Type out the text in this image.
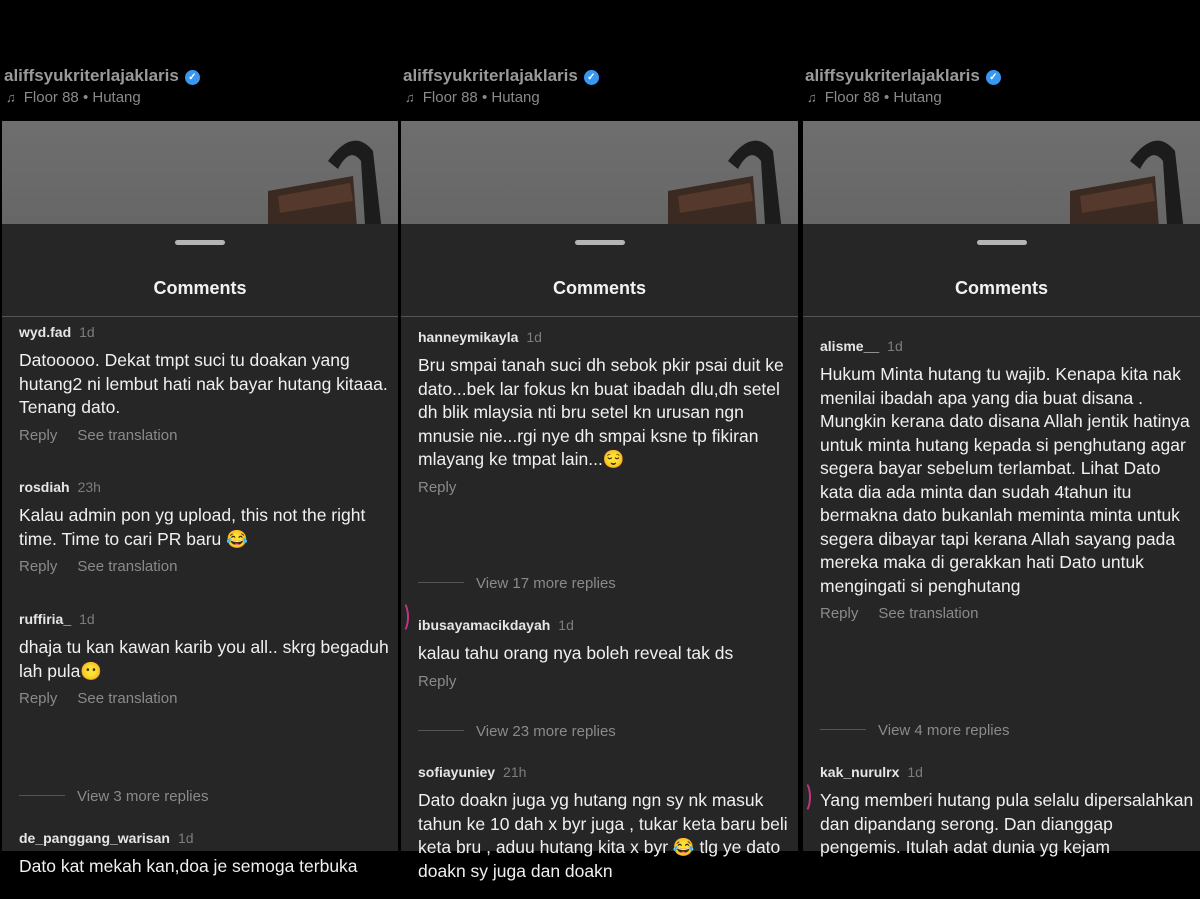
aliffsyukriterlajaklaris ✓
♫ Floor 88 • Hutang
Comments
wyd.fad 1d
Datooooo. Dekat tmpt suci tu doakan yang hutang2 ni lembut hati nak bayar hutang kitaaa. Tenang dato.
Reply See translation
rosdiah 23h
Kalau admin pon yg upload, this not the right time. Time to cari PR baru 😂
Reply See translation
ruffiria_ 1d
dhaja tu kan kawan karib you all.. skrg begaduh lah pula😶
Reply See translation
View 3 more replies
de_panggang_warisan 1d
Dato kat mekah kan,doa je semoga terbuka
aliffsyukriterlajaklaris ✓
♫ Floor 88 • Hutang
Comments
hanneymikayla 1d
Bru smpai tanah suci dh sebok pkir psai duit ke dato...bek lar fokus kn buat ibadah dlu,dh setel dh blik mlaysia nti bru setel kn urusan ngn mnusie nie...rgi nye dh smpai ksne tp fikiran mlayang ke tmpat lain...😌
Reply
View 17 more replies
ibusayamacikdayah 1d
kalau tahu orang nya boleh reveal tak ds
Reply
View 23 more replies
sofiayuniey 21h
Dato doakn juga yg hutang ngn sy nk masuk tahun ke 10 dah x byr juga , tukar keta baru beli keta bru , aduu hutang kita x byr 😂 tlg ye dato doakn sy juga dan doakn
aliffsyukriterlajaklaris ✓
♫ Floor 88 • Hutang
Comments
alisme__ 1d
Hukum Minta hutang tu wajib. Kenapa kita nak menilai ibadah apa yang dia buat disana . Mungkin kerana dato disana Allah jentik hatinya untuk minta hutang kepada si penghutang agar segera bayar sebelum terlambat. Lihat Dato kata dia ada minta dan sudah 4tahun itu bermakna dato bukanlah meminta minta untuk segera dibayar tapi kerana Allah sayang pada mereka maka di gerakkan hati Dato untuk mengingati si penghutang
Reply See translation
View 4 more replies
kak_nurulrx 1d
Yang memberi hutang pula selalu dipersalahkan dan dipandang serong. Dan dianggap pengemis. Itulah adat dunia yg kejam
